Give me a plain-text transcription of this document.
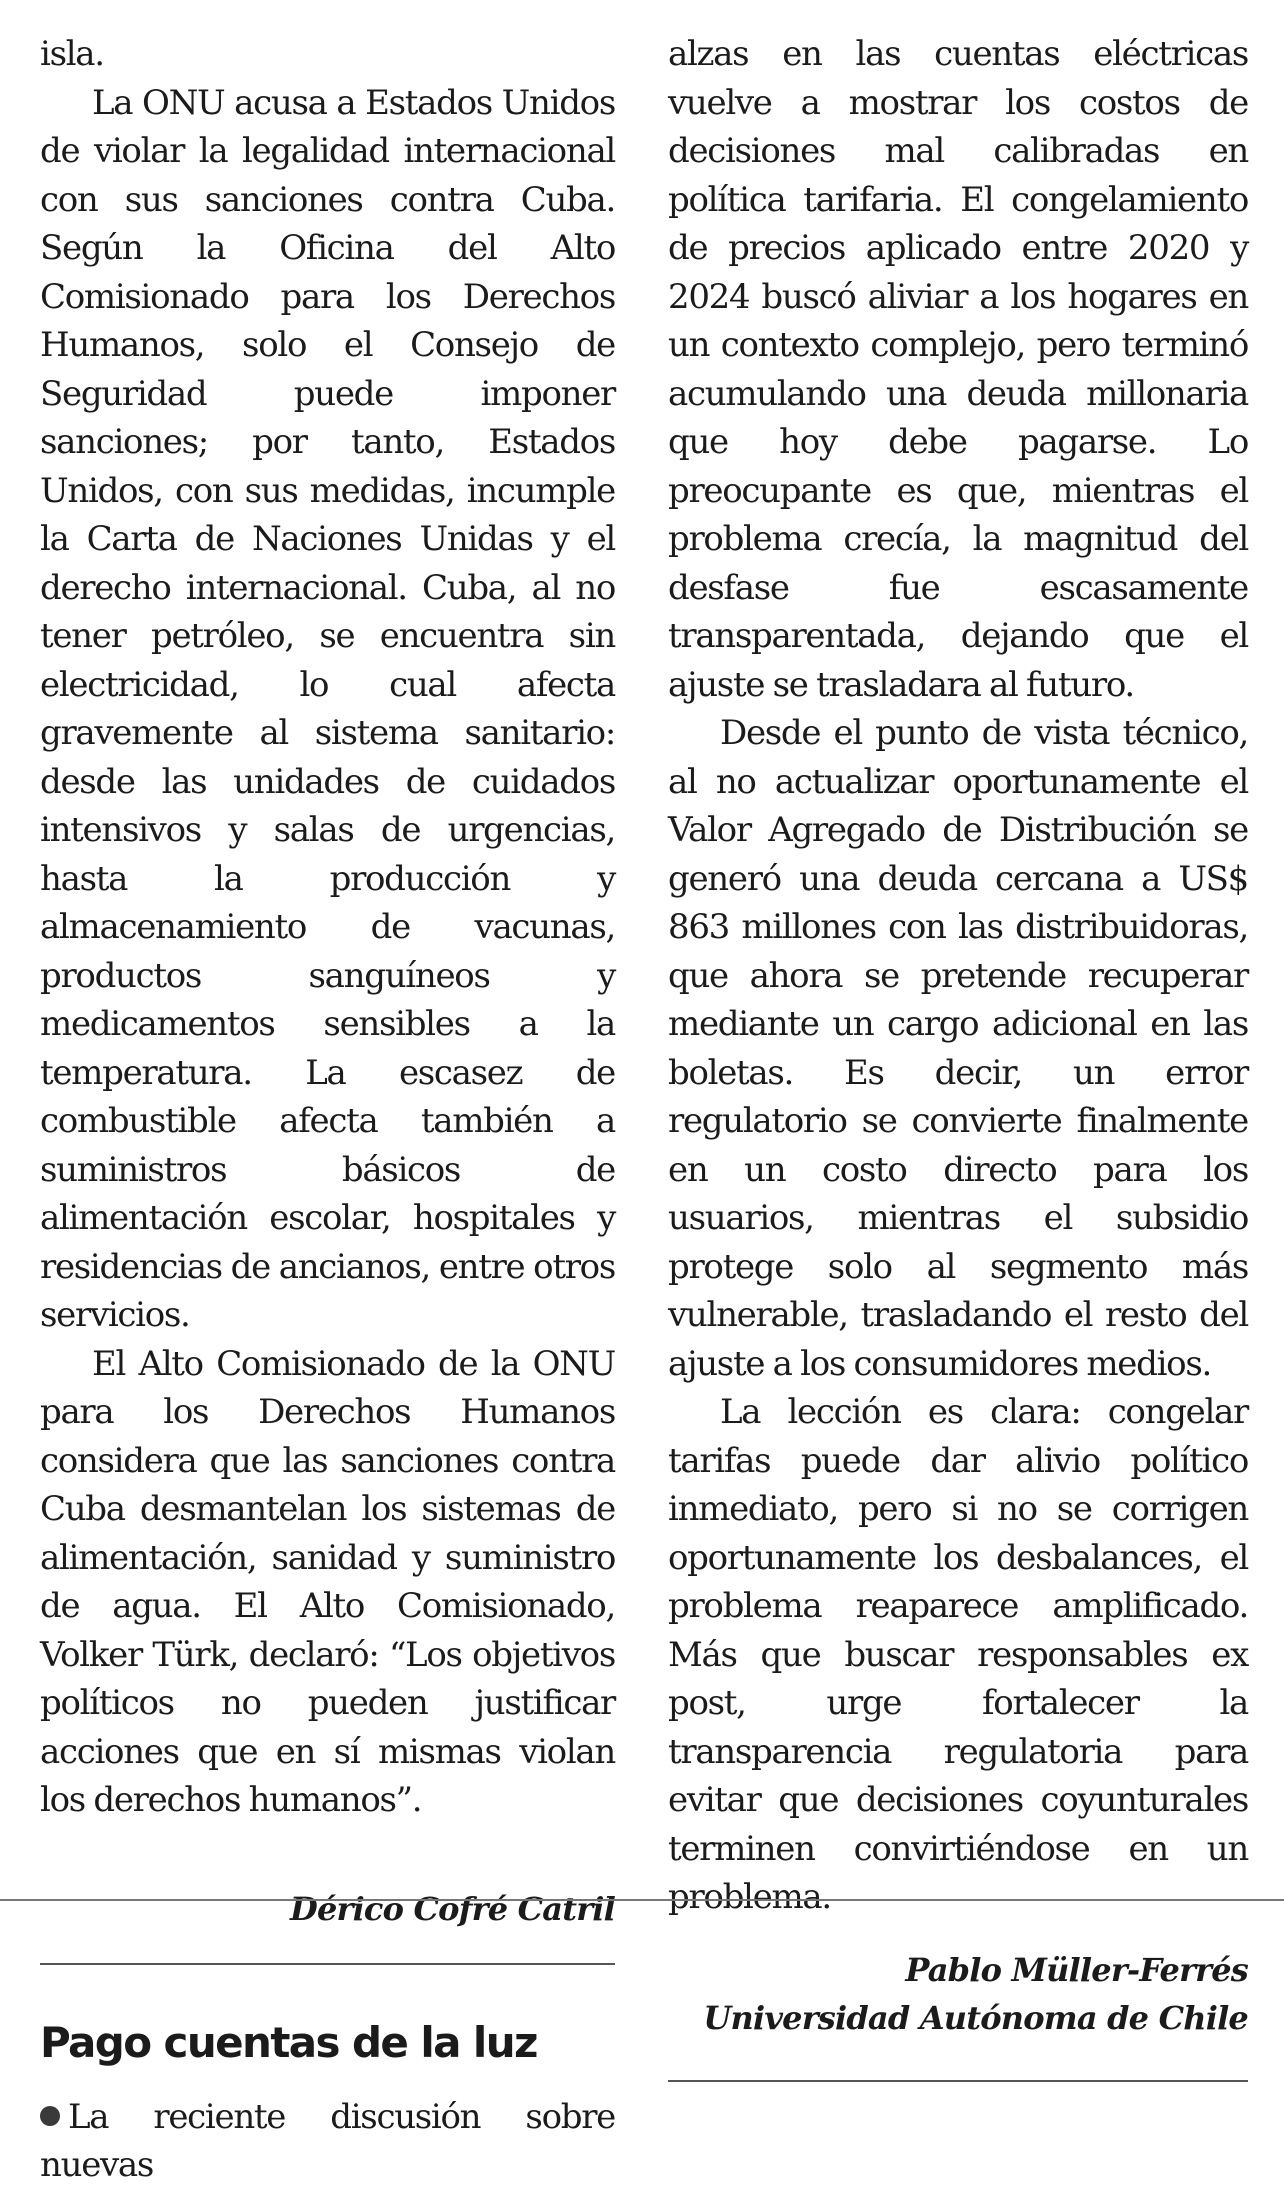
isla.

La ONU acusa a Estados Unidos de violar la legalidad internacional con sus sanciones contra Cuba. Según la Oficina del Alto Comisionado para los Derechos Humanos, solo el Consejo de Seguridad puede imponer sanciones; por tanto, Estados Unidos, con sus medidas, incumple la Carta de Naciones Unidas y el derecho internacional. Cuba, al no tener petróleo, se encuentra sin electricidad, lo cual afecta gravemente al sistema sanitario: desde las unidades de cuidados intensivos y salas de urgencias, hasta la producción y almacenamiento de vacunas, productos sanguíneos y medicamentos sensibles a la temperatura. La escasez de combustible afecta también a suministros básicos de alimentación escolar, hospitales y residencias de ancianos, entre otros servicios.

El Alto Comisionado de la ONU para los Derechos Humanos considera que las sanciones contra Cuba desmantelan los sistemas de alimentación, sanidad y suministro de agua. El Alto Comisionado, Volker Türk, declaró: “Los objetivos políticos no pueden justificar acciones que en sí mismas violan los derechos humanos”.

Dérico Cofré Catril

Pago cuentas de la luz

La reciente discusión sobre nuevas

alzas en las cuentas eléctricas vuelve a mostrar los costos de decisiones mal calibradas en política tarifaria. El congelamiento de precios aplicado entre 2020 y 2024 buscó aliviar a los hogares en un contexto complejo, pero terminó acumulando una deuda millonaria que hoy debe pagarse. Lo preocupante es que, mientras el problema crecía, la magnitud del desfase fue escasamente transparentada, dejando que el ajuste se trasladara al futuro.

Desde el punto de vista técnico, al no actualizar oportunamente el Valor Agregado de Distribución se generó una deuda cercana a US$ 863 millones con las distribuidoras, que ahora se pretende recuperar mediante un cargo adicional en las boletas. Es decir, un error regulatorio se convierte finalmente en un costo directo para los usuarios, mientras el subsidio protege solo al segmento más vulnerable, trasladando el resto del ajuste a los consumidores medios.

La lección es clara: congelar tarifas puede dar alivio político inmediato, pero si no se corrigen oportunamente los desbalances, el problema reaparece amplificado. Más que buscar responsables ex post, urge fortalecer la transparencia regulatoria para evitar que decisiones coyunturales terminen convirtiéndose en un problema.

Pablo Müller-Ferrés

Universidad Autónoma de Chile
